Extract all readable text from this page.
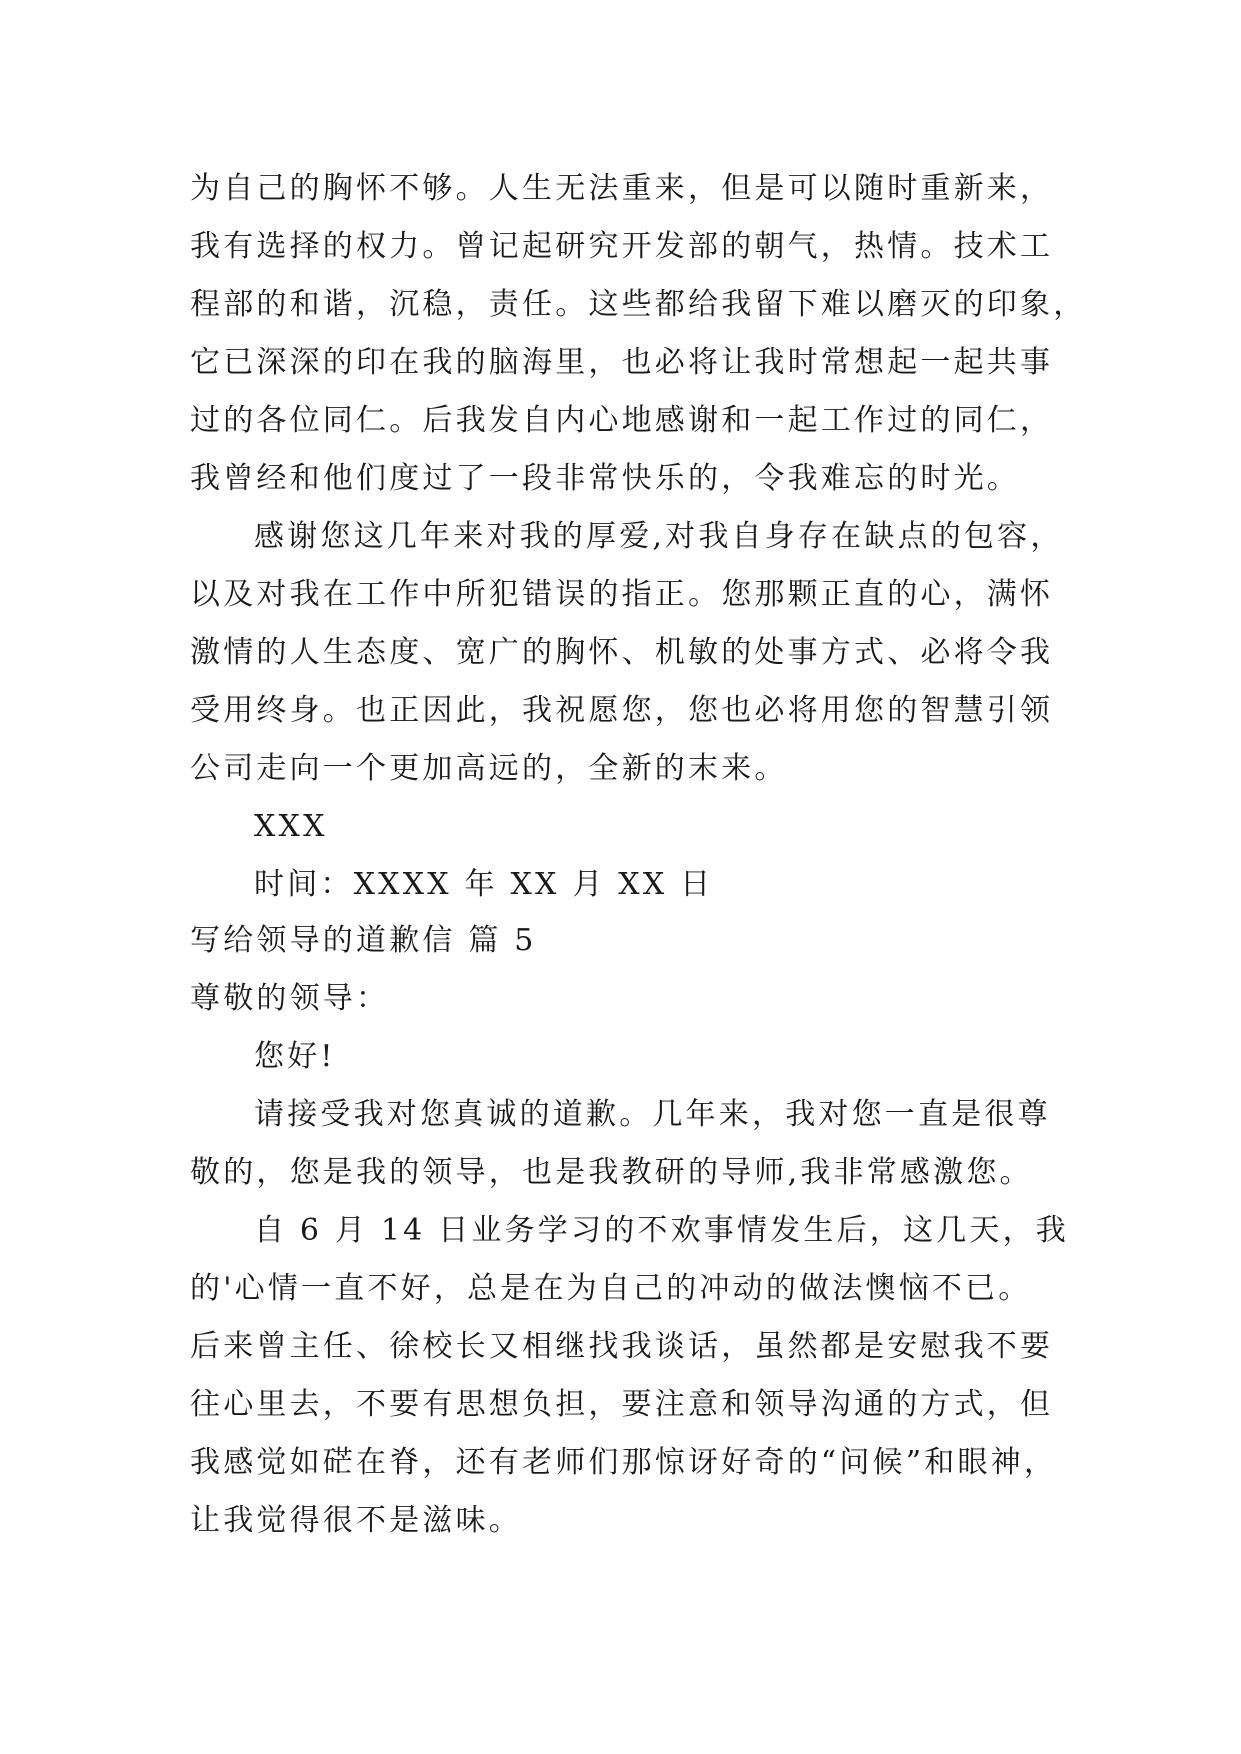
为自己的胸怀不够。人生无法重来，但是可以随时重新来，
我有选择的权力。曾记起研究开发部的朝气，热情。技术工
程部的和谐，沉稳，责任。这些都给我留下难以磨灭的印象，
它已深深的印在我的脑海里，也必将让我时常想起一起共事
过的各位同仁。后我发自内心地感谢和一起工作过的同仁，
我曾经和他们度过了一段非常快乐的，令我难忘的时光。
感谢您这几年来对我的厚爱,对我自身存在缺点的包容，
以及对我在工作中所犯错误的指正。您那颗正直的心，满怀
激情的人生态度、宽广的胸怀、机敏的处事方式、必将令我
受用终身。也正因此，我祝愿您，您也必将用您的智慧引领
公司走向一个更加高远的，全新的末来。
XXX
时间：XXXX 年 XX 月 XX 日
写给领导的道歉信 篇 5
尊敬的领导：
您好!
请接受我对您真诚的道歉。几年来，我对您一直是很尊
敬的，您是我的领导，也是我教研的导师,我非常感激您。
自 6 月 14 日业务学习的不欢事情发生后，这几天，我
的'心情一直不好，总是在为自己的冲动的做法懊恼不已。
后来曾主任、徐校长又相继找我谈话，虽然都是安慰我不要
往心里去，不要有思想负担，要注意和领导沟通的方式，但
我感觉如硭在脊，还有老师们那惊讶好奇的“问候”和眼神，
让我觉得很不是滋味。
